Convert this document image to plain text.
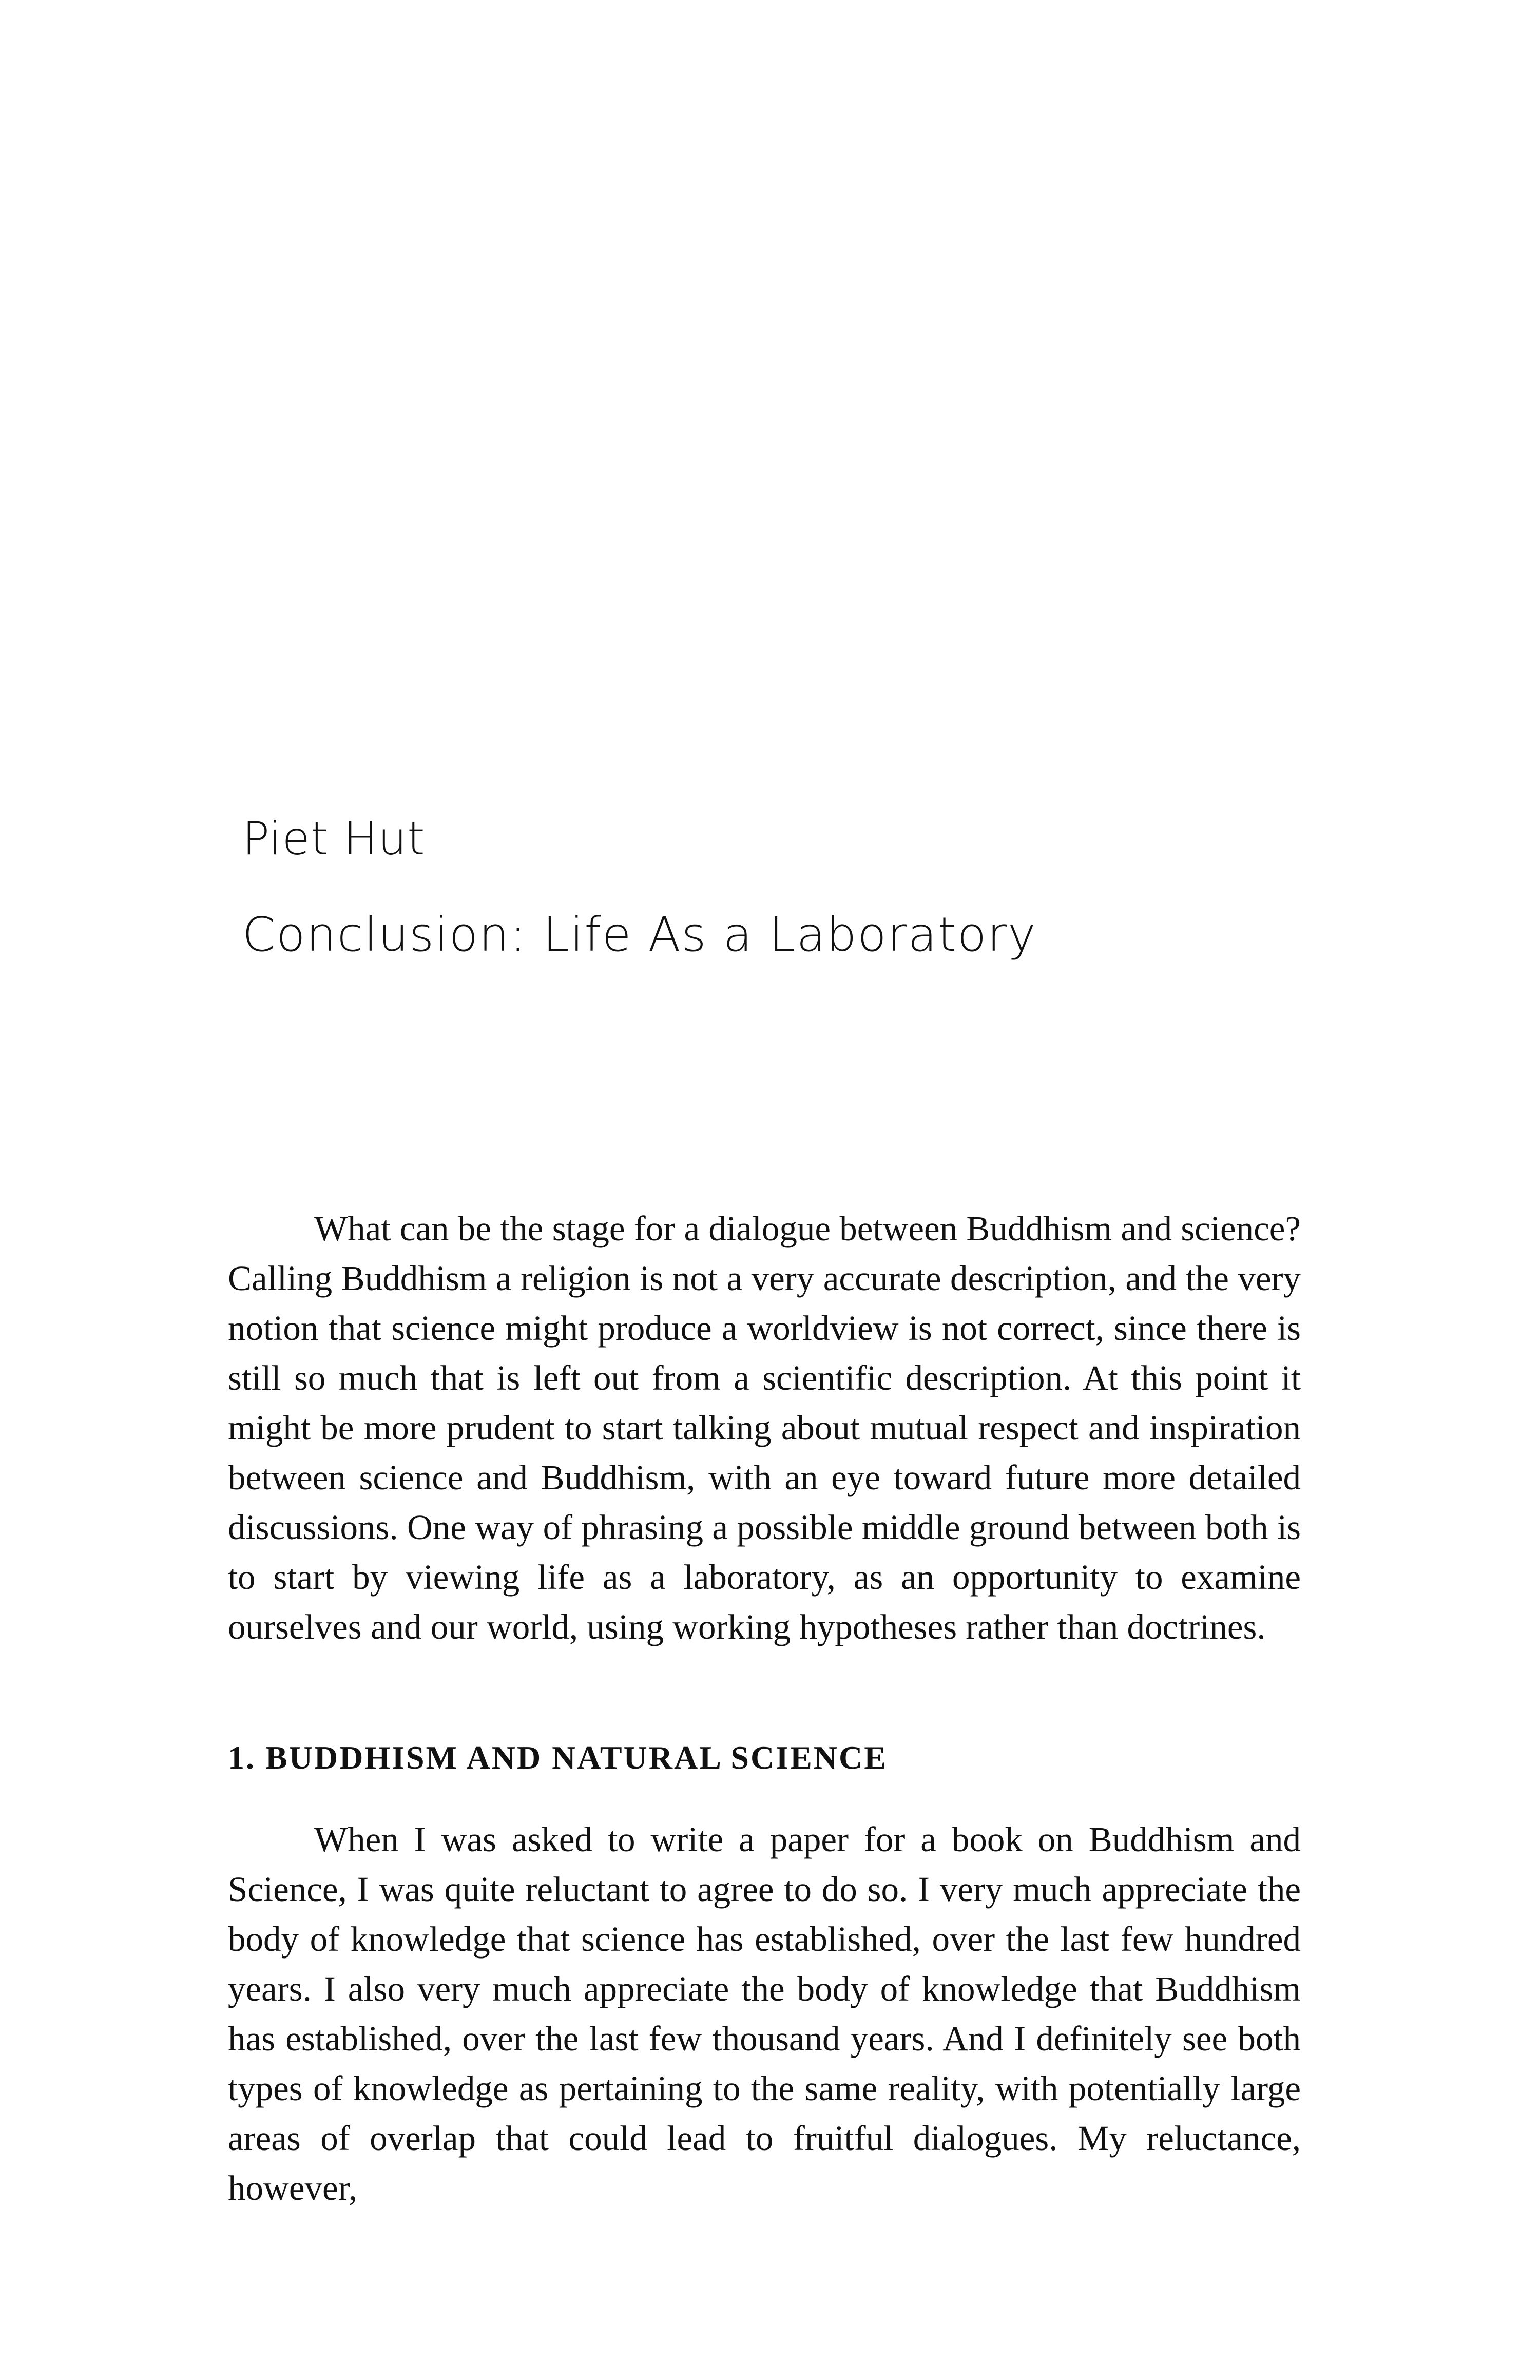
Piet Hut
Conclusion: Life As a Laboratory

What can be the stage for a dialogue between Buddhism and science? Calling Buddhism a religion is not a very accurate description, and the very notion that science might produce a worldview is not correct, since there is still so much that is left out from a scientific description. At this point it might be more prudent to start talking about mutual respect and inspiration between science and Buddhism, with an eye toward future more detailed discussions. One way of phrasing a possible middle ground between both is to start by viewing life as a laboratory, as an opportunity to examine ourselves and our world, using working hypotheses rather than doctrines.

1. BUDDHISM AND NATURAL SCIENCE

When I was asked to write a paper for a book on Buddhism and Science, I was quite reluctant to agree to do so. I very much appreciate the body of knowledge that science has established, over the last few hundred years. I also very much appreciate the body of knowledge that Buddhism has established, over the last few thousand years. And I definitely see both types of knowledge as pertaining to the same reality, with potentially large areas of overlap that could lead to fruitful dialogues. My reluctance, however,
